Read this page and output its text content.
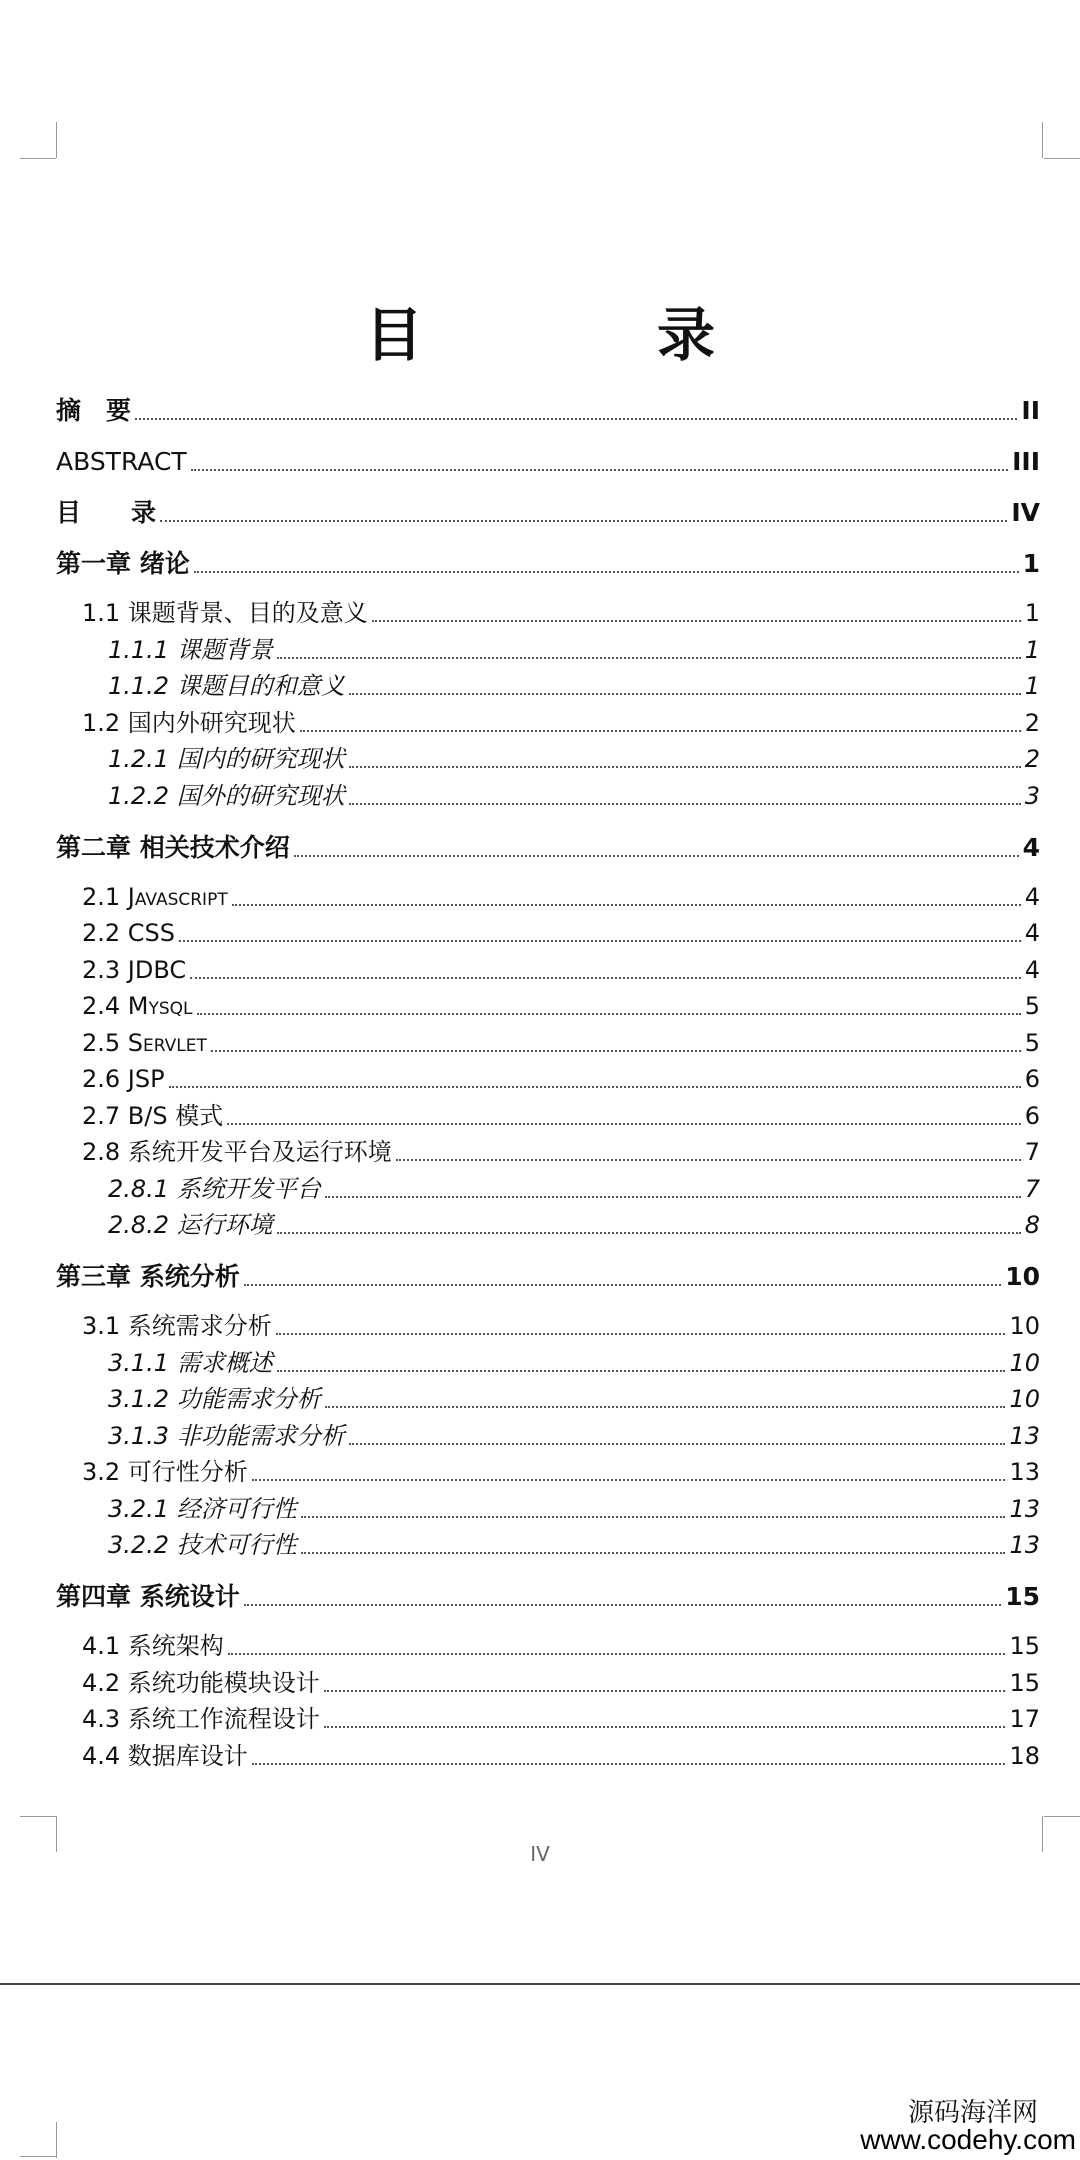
目　录
摘　要	II
ABSTRACT	III
目　　录	IV
第一章 绪论	1
1.1 课题背景、目的及意义	1
1.1.1 课题背景	1
1.1.2 课题目的和意义	1
1.2 国内外研究现状	2
1.2.1 国内的研究现状	2
1.2.2 国外的研究现状	3
第二章 相关技术介绍	4
2.1 Javascript	4
2.2 CSS	4
2.3 JDBC	4
2.4 Mysql	5
2.5 Servlet	5
2.6 JSP	6
2.7 B/S 模式	6
2.8 系统开发平台及运行环境	7
2.8.1 系统开发平台	7
2.8.2 运行环境	8
第三章 系统分析	10
3.1 系统需求分析	10
3.1.1 需求概述	10
3.1.2 功能需求分析	10
3.1.3 非功能需求分析	13
3.2 可行性分析	13
3.2.1 经济可行性	13
3.2.2 技术可行性	13
第四章 系统设计	15
4.1 系统架构	15
4.2 系统功能模块设计	15
4.3 系统工作流程设计	17
4.4 数据库设计	18
IV
源码海洋网
www.codehy.com
